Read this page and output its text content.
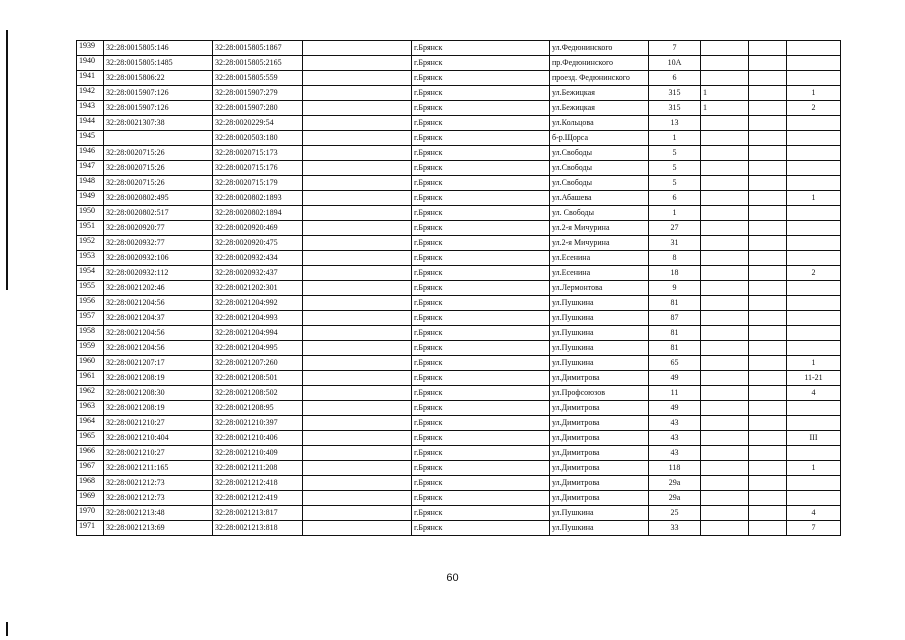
1939	32:28:0015805:146	32:28:0015805:1867		г.Брянск	ул.Федюнинского	7			
1940	32:28:0015805:1485	32:28:0015805:2165		г.Брянск	пр.Федюнинского	10А			
1941	32:28:0015806:22	32:28:0015805:559		г.Брянск	проезд. Федюнинского	6			
1942	32:28:0015907:126	32:28:0015907:279		г.Брянск	ул.Бежицкая	315	1		1
1943	32:28:0015907:126	32:28:0015907:280		г.Брянск	ул.Бежицкая	315	1		2
1944	32:28:0021307:38	32:28:0020229:54		г.Брянск	ул.Кольцова	13			
1945		32:28:0020503:180		г.Брянск	б-р.Щорса	1			
1946	32:28:0020715:26	32:28:0020715:173		г.Брянск	ул.Свободы	5			
1947	32:28:0020715:26	32:28:0020715:176		г.Брянск	ул.Свободы	5			
1948	32:28:0020715:26	32:28:0020715:179		г.Брянск	ул.Свободы	5			
1949	32:28:0020802:495	32:28:0020802:1893		г.Брянск	ул.Абашева	6			1
1950	32:28:0020802:517	32:28:0020802:1894		г.Брянск	ул. Свободы	1			
1951	32:28:0020920:77	32:28:0020920:469		г.Брянск	ул.2-я Мичурина	27			
1952	32:28:0020932:77	32:28:0020920:475		г.Брянск	ул.2-я Мичурина	31			
1953	32:28:0020932:106	32:28:0020932:434		г.Брянск	ул.Есенина	8			
1954	32:28:0020932:112	32:28:0020932:437		г.Брянск	ул.Есенина	18			2
1955	32:28:0021202:46	32:28:0021202:301		г.Брянск	ул.Лермонтова	9			
1956	32:28:0021204:56	32:28:0021204:992		г.Брянск	ул.Пушкина	81			
1957	32:28:0021204:37	32:28:0021204:993		г.Брянск	ул.Пушкина	87			
1958	32:28:0021204:56	32:28:0021204:994		г.Брянск	ул.Пушкина	81			
1959	32:28:0021204:56	32:28:0021204:995		г.Брянск	ул.Пушкина	81			
1960	32:28:0021207:17	32:28:0021207:260		г.Брянск	ул.Пушкина	65			1
1961	32:28:0021208:19	32:28:0021208:501		г.Брянск	ул.Димитрова	49			11-21
1962	32:28:0021208:30	32:28:0021208:502		г.Брянск	ул.Профсоюзов	11			4
1963	32:28:0021208:19	32:28:0021208:95		г.Брянск	ул.Димитрова	49			
1964	32:28:0021210:27	32:28:0021210:397		г.Брянск	ул.Димитрова	43			
1965	32:28:0021210:404	32:28:0021210:406		г.Брянск	ул.Димитрова	43			III
1966	32:28:0021210:27	32:28:0021210:409		г.Брянск	ул.Димитрова	43			
1967	32:28:0021211:165	32:28:0021211:208		г.Брянск	ул.Димитрова	118			1
1968	32:28:0021212:73	32:28:0021212:418		г.Брянск	ул.Димитрова	29а			
1969	32:28:0021212:73	32:28:0021212:419		г.Брянск	ул.Димитрова	29а			
1970	32:28:0021213:48	32:28:0021213:817		г.Брянск	ул.Пушкина	25			4
1971	32:28:0021213:69	32:28:0021213:818		г.Брянск	ул.Пушкина	33			7
60
